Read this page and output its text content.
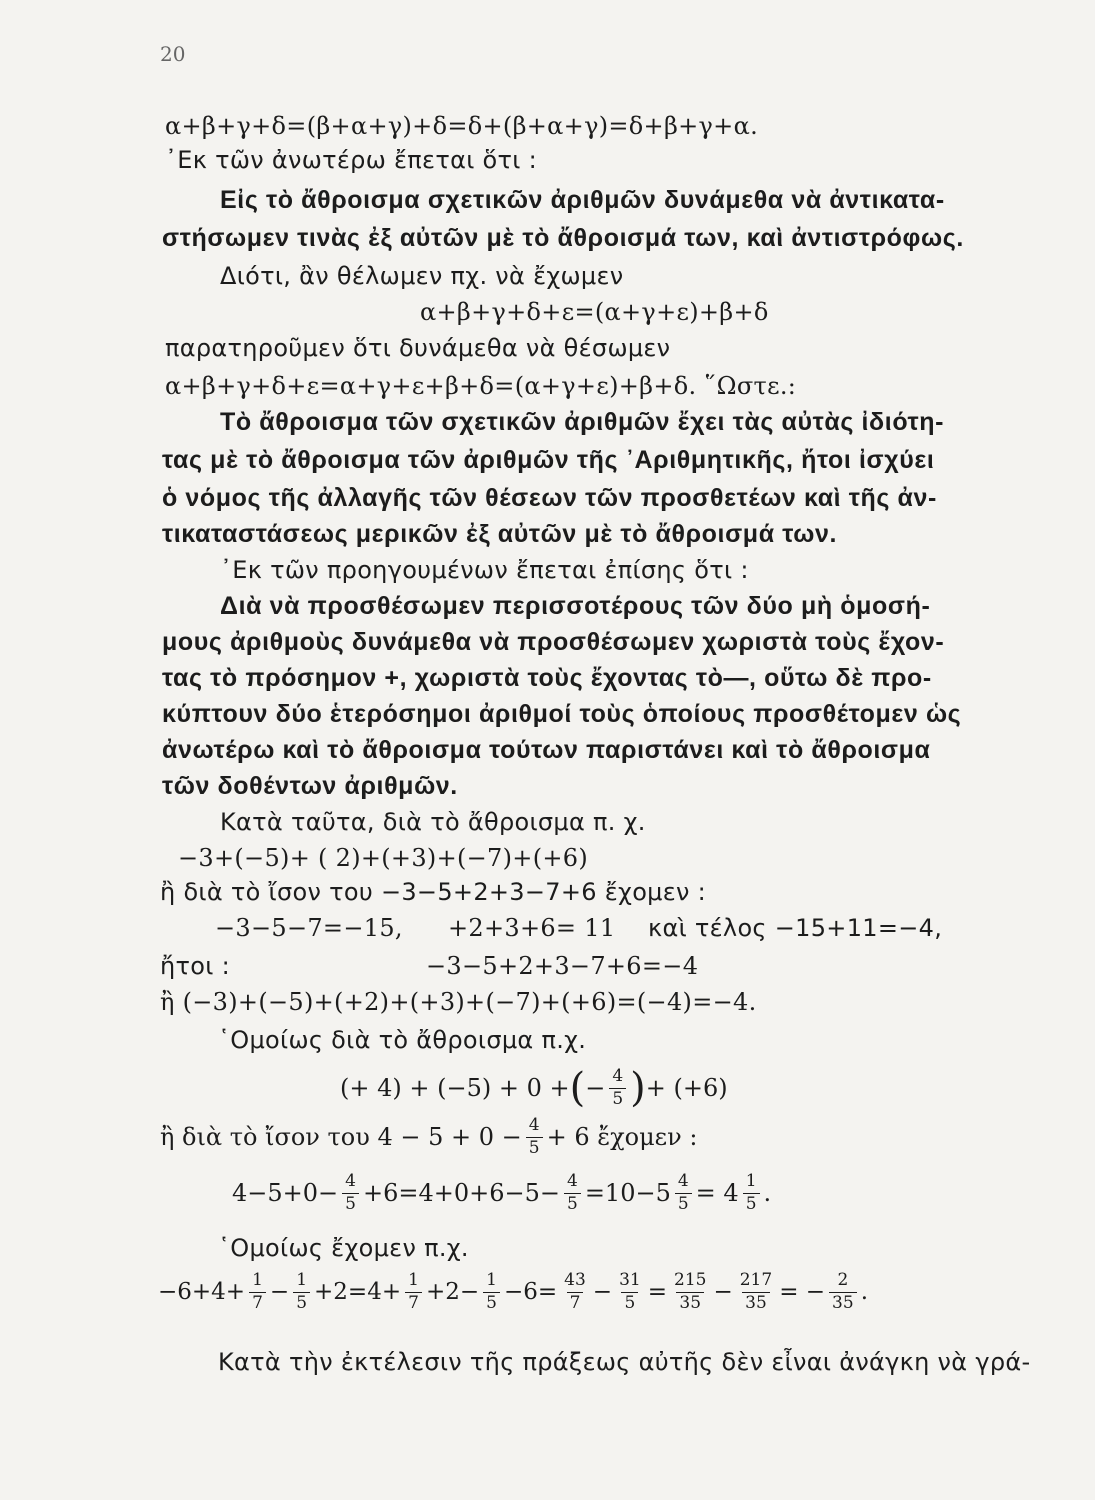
20
α+β+γ+δ=(β+α+γ)+δ=δ+(β+α+γ)=δ+β+γ+α.
᾿Εκ τῶν ἀνωτέρω ἔπεται ὅτι :
Εἰς τὸ ἄθροισμα σχετικῶν ἀριθμῶν δυνάμεθα νὰ ἀντικατα-
στήσωμεν τινὰς ἐξ αὐτῶν μὲ τὸ ἄθροισμά των, καὶ ἀντιστρόφως.
Διότι, ἂν θέλωμεν πχ. νὰ ἔχωμεν
α+β+γ+δ+ε=(α+γ+ε)+β+δ
παρατηροῦμεν ὅτι δυνάμεθα νὰ θέσωμεν
α+β+γ+δ+ε=α+γ+ε+β+δ=(α+γ+ε)+β+δ. ῞Ωστε.:
Τὸ ἄθροισμα τῶν σχετικῶν ἀριθμῶν ἔχει τὰς αὐτὰς ἰδιότη-
τας μὲ τὸ ἄθροισμα τῶν ἀριθμῶν τῆς ᾿Αριθμητικῆς, ἤτοι ἰσχύει
ὁ νόμος τῆς ἀλλαγῆς τῶν θέσεων τῶν προσθετέων καὶ τῆς ἀν-
τικαταστάσεως μερικῶν ἐξ αὐτῶν μὲ τὸ ἄθροισμά των.
᾿Εκ τῶν προηγουμένων ἔπεται ἐπίσης ὅτι :
Διὰ νὰ προσθέσωμεν περισσοτέρους τῶν δύο μὴ ὁμοσή-
μους ἀριθμοὺς δυνάμεθα νὰ προσθέσωμεν χωριστὰ τοὺς ἔχον-
τας τὸ πρόσημον +, χωριστὰ τοὺς ἔχοντας τὸ—, οὕτω δὲ προ-
κύπτουν δύο ἑτερόσημοι ἀριθμοί τοὺς ὁποίους προσθέτομεν ὡς
ἀνωτέρω καὶ τὸ ἄθροισμα τούτων παριστάνει καὶ τὸ ἄθροισμα
τῶν δοθέντων ἀριθμῶν.
Κατὰ ταῦτα, διὰ τὸ ἄθροισμα π. χ.
−3+(−5)+ ( 2)+(+3)+(−7)+(+6)
ἢ διὰ τὸ ἴσον του −3−5+2+3−7+6 ἔχομεν :
−3−5−7=−15, +2+3+6= 11 καὶ τέλος −15+11=−4,
ἤτοι :	−3−5+2+3−7+6=−4
ἢ (−3)+(−5)+(+2)+(+3)+(−7)+(+6)=(−4)=−4.
῾Ομοίως διὰ τὸ ἄθροισμα π.χ.
(+ 4) + (−5) + 0 + ( − $\frac{4}{5}$ ) + (+6)
ἢ διὰ τὸ ἴσον του $4 - 5 + 0 - \frac{4}{5} + 6$ ἔχομεν :
$4-5+0- \frac{4}{5} +6=4+0+6-5- \frac{4}{5} =10-5 \frac{4}{5} = 4 \frac{1}{5}$ .
῾Ομοίως ἔχομεν π.χ.
$-6+4+ \frac{1}{7} - \frac{1}{5} +2=4+ \frac{1}{7} +2- \frac{1}{5} -6= \frac{43}{7} - \frac{31}{5} = \frac{215}{35} - \frac{217}{35}$ = − $\frac{2}{35}$ .
Κατὰ τὴν ἐκτέλεσιν τῆς πράξεως αὐτῆς δὲν εἶναι ἀνάγκη νὰ γρά-
